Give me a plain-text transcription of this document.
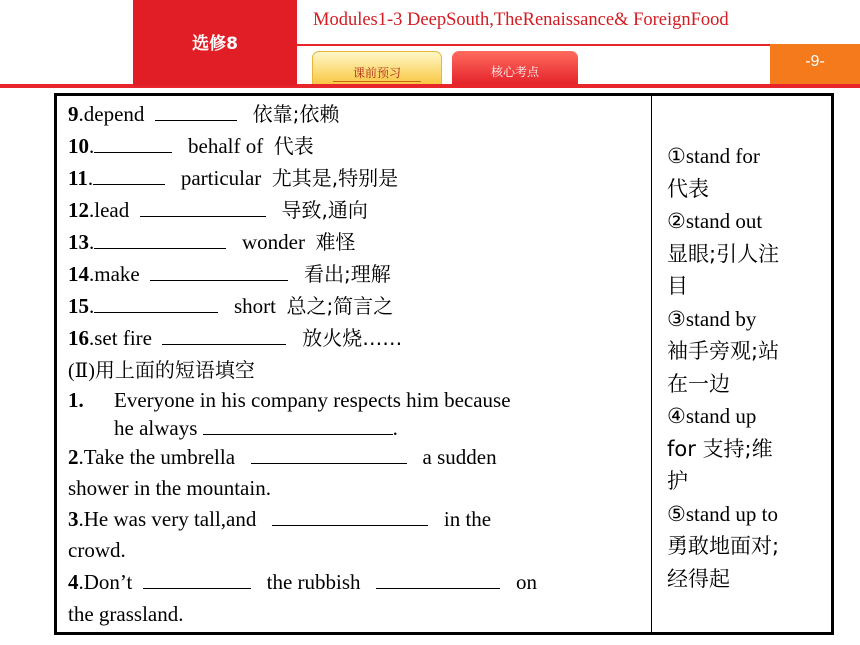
选修8
Modules1-3 DeepSouth,TheRenaissance& ForeignFood
课前预习	核心考点
-9-
9.depend	依靠;依赖
10.	behalf of 代表
11.	particular 尤其是,特别是
12.lead	导致,通向
13.	wonder 难怪
14.make	看出;理解
15.	short 总之;简言之
16.set fire	放火烧……
(Ⅱ)用上面的短语填空
1.	Everyone in his company respects him because
he always	.
2.Take the umbrella	a sudden
shower in the mountain.
3.He was very tall,and	in the
crowd.
4.Don’t	the rubbish	on
the grassland.
①stand for
代表
②stand out
显眼;引人注
目
③stand by
袖手旁观;站
在一边
④stand up
for 支持;维
护
⑤stand up to
勇敢地面对;
经得起
